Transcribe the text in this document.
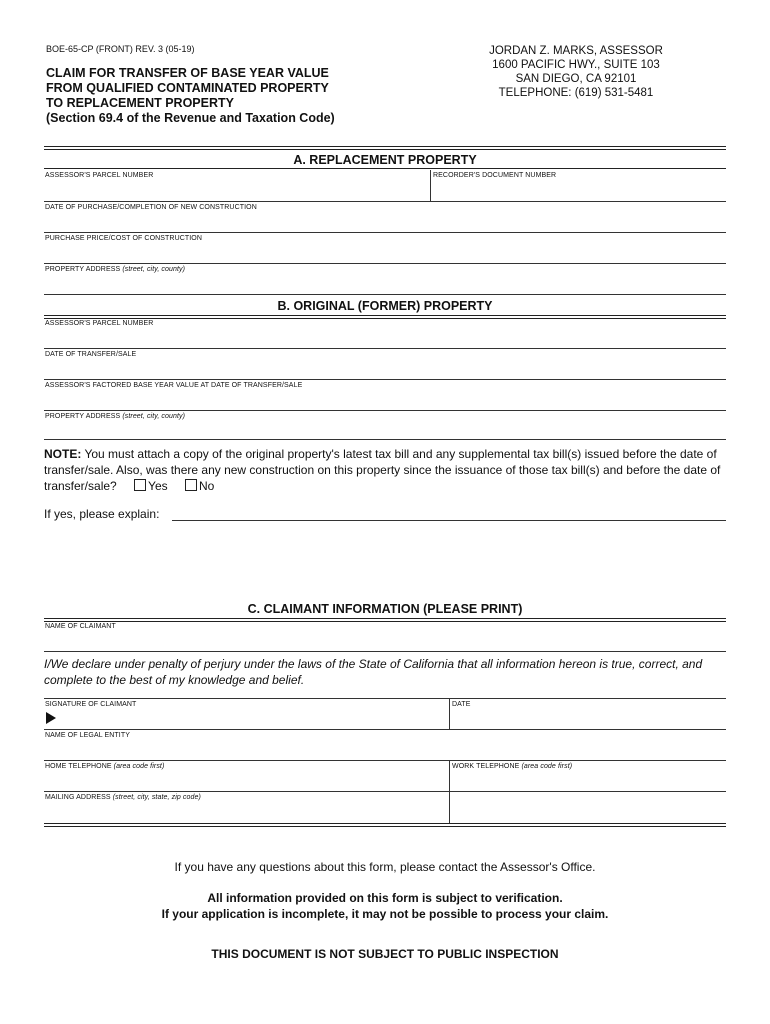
BOE-65-CP (FRONT) REV. 3 (05-19)
CLAIM FOR TRANSFER OF BASE YEAR VALUE
FROM QUALIFIED CONTAMINATED PROPERTY
TO REPLACEMENT PROPERTY
(Section 69.4 of the Revenue and Taxation Code)
JORDAN Z. MARKS, ASSESSOR
1600 PACIFIC HWY., SUITE 103
SAN DIEGO, CA 92101
TELEPHONE: (619) 531-5481
A. REPLACEMENT PROPERTY
ASSESSOR'S PARCEL NUMBER	RECORDER'S DOCUMENT NUMBER
DATE OF PURCHASE/COMPLETION OF NEW CONSTRUCTION
PURCHASE PRICE/COST OF CONSTRUCTION
PROPERTY ADDRESS (street, city, county)
B. ORIGINAL (FORMER) PROPERTY
ASSESSOR'S PARCEL NUMBER
DATE OF TRANSFER/SALE
ASSESSOR'S FACTORED BASE YEAR VALUE AT DATE OF TRANSFER/SALE
PROPERTY ADDRESS (street, city, county)
NOTE: You must attach a copy of the original property's latest tax bill and any supplemental tax bill(s) issued before the date of transfer/sale. Also, was there any new construction on this property since the issuance of those tax bill(s) and before the date of transfer/sale?	Yes	No
If yes, please explain:
C. CLAIMANT INFORMATION (PLEASE PRINT)
NAME OF CLAIMANT
I/We declare under penalty of perjury under the laws of the State of California that all information hereon is true, correct, and complete to the best of my knowledge and belief.
SIGNATURE OF CLAIMANT	DATE
NAME OF LEGAL ENTITY
HOME TELEPHONE (area code first)	WORK TELEPHONE (area code first)
MAILING ADDRESS (street, city, state, zip code)
If you have any questions about this form, please contact the Assessor's Office.
All information provided on this form is subject to verification.
If your application is incomplete, it may not be possible to process your claim.
THIS DOCUMENT IS NOT SUBJECT TO PUBLIC INSPECTION
